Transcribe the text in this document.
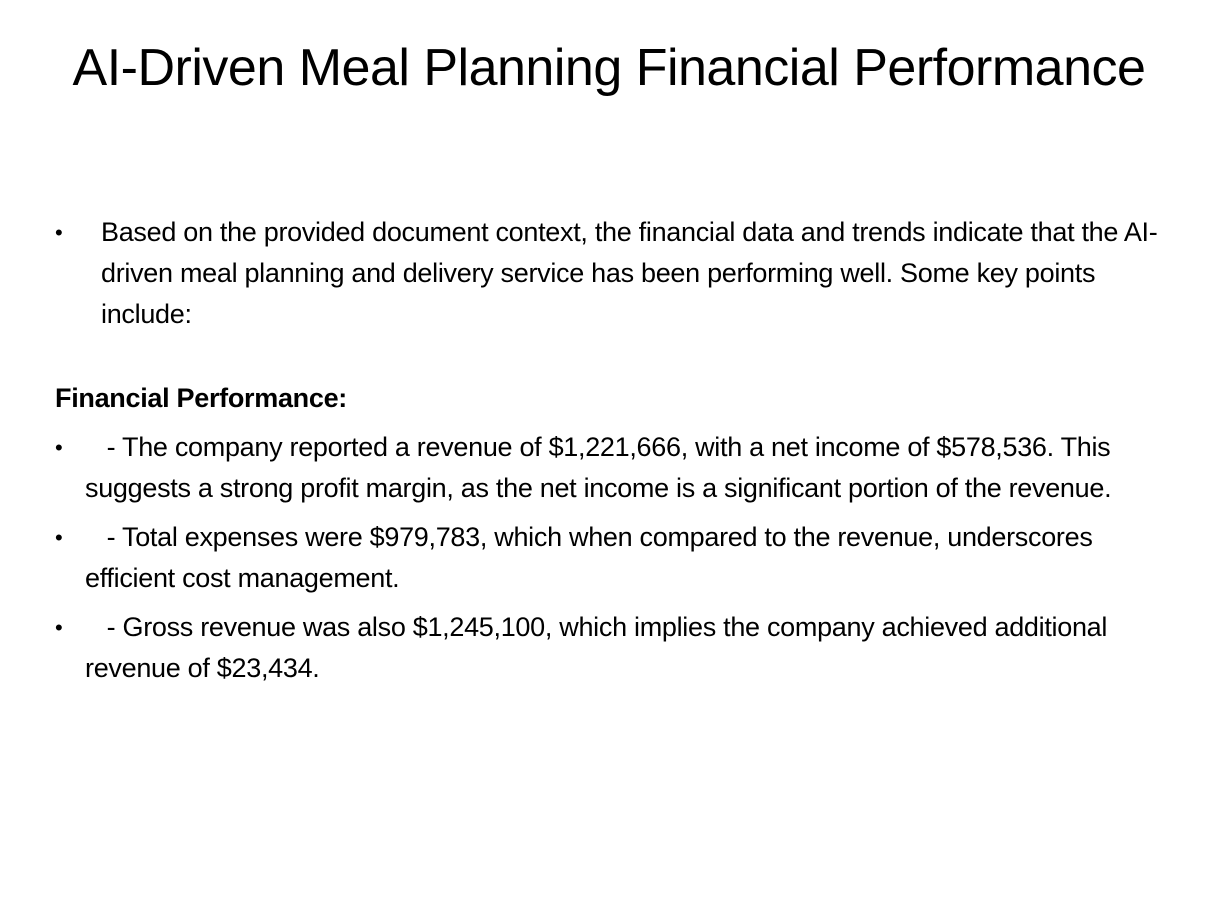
AI-Driven Meal Planning Financial Performance
• Based on the provided document context, the financial data and trends indicate that the AI-driven meal planning and delivery service has been performing well. Some key points include:
Financial Performance:
• - The company reported a revenue of $1,221,666, with a net income of $578,536. This suggests a strong profit margin, as the net income is a significant portion of the revenue.
• - Total expenses were $979,783, which when compared to the revenue, underscores efficient cost management.
• - Gross revenue was also $1,245,100, which implies the company achieved additional revenue of $23,434.
